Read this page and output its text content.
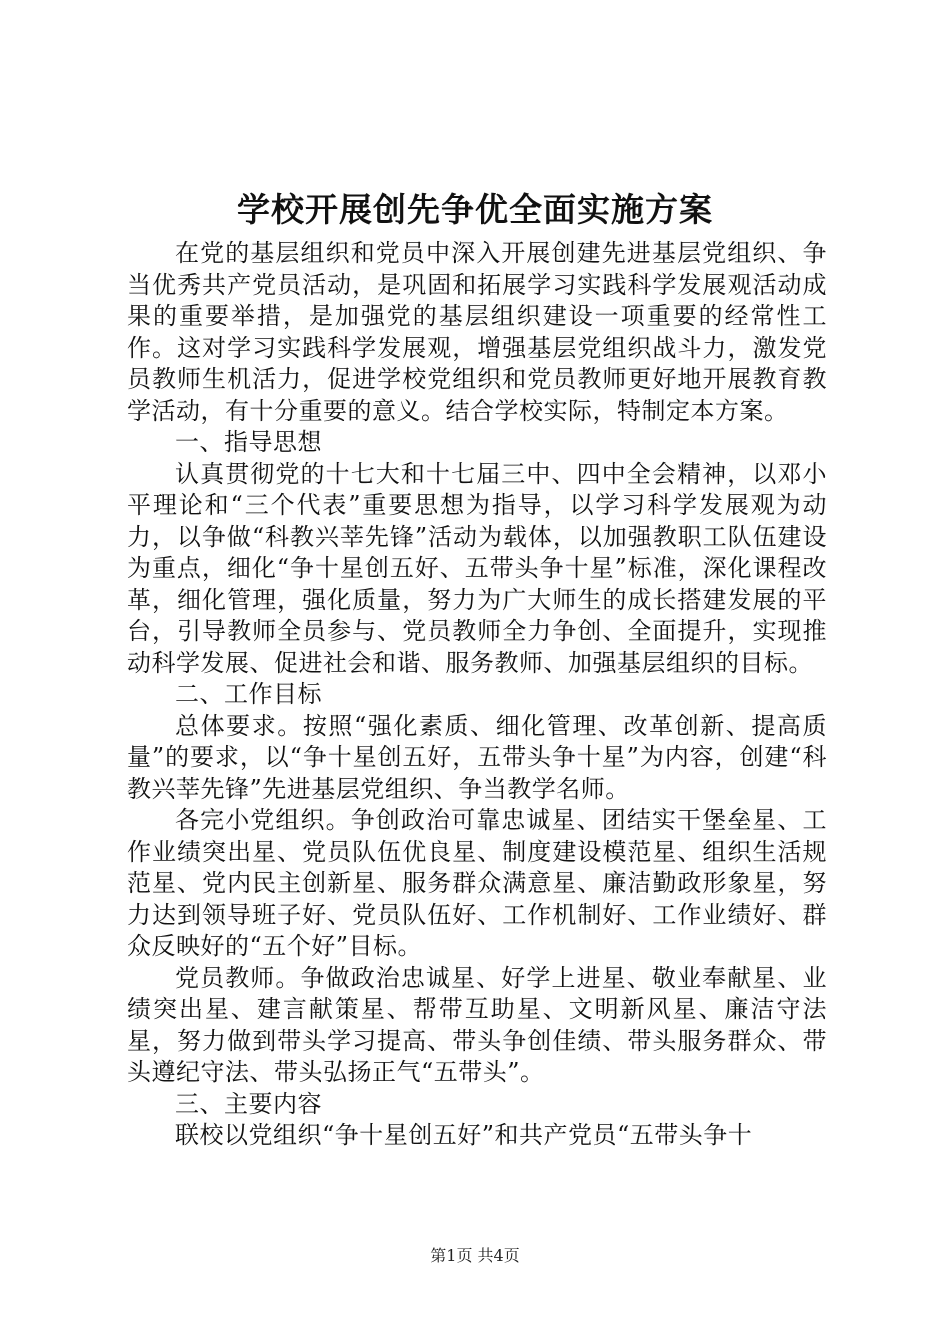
学校开展创先争优全面实施方案

在党的基层组织和党员中深入开展创建先进基层党组织、争当优秀共产党员活动，是巩固和拓展学习实践科学发展观活动成果的重要举措，是加强党的基层组织建设一项重要的经常性工作。这对学习实践科学发展观，增强基层党组织战斗力，激发党员教师生机活力，促进学校党组织和党员教师更好地开展教育教学活动，有十分重要的意义。结合学校实际，特制定本方案。

一、指导思想

认真贯彻党的十七大和十七届三中、四中全会精神，以邓小平理论和“三个代表”重要思想为指导，以学习科学发展观为动力，以争做“科教兴莘先锋”活动为载体，以加强教职工队伍建设为重点，细化“争十星创五好、五带头争十星”标准，深化课程改革，细化管理，强化质量，努力为广大师生的成长搭建发展的平台，引导教师全员参与、党员教师全力争创、全面提升，实现推动科学发展、促进社会和谐、服务教师、加强基层组织的目标。

二、工作目标

总体要求。按照“强化素质、细化管理、改革创新、提高质量”的要求，以“争十星创五好，五带头争十星”为内容，创建“科教兴莘先锋”先进基层党组织、争当教学名师。

各完小党组织。争创政治可靠忠诚星、团结实干堡垒星、工作业绩突出星、党员队伍优良星、制度建设模范星、组织生活规范星、党内民主创新星、服务群众满意星、廉洁勤政形象星，努力达到领导班子好、党员队伍好、工作机制好、工作业绩好、群众反映好的“五个好”目标。

党员教师。争做政治忠诚星、好学上进星、敬业奉献星、业绩突出星、建言献策星、帮带互助星、文明新风星、廉洁守法星，努力做到带头学习提高、带头争创佳绩、带头服务群众、带头遵纪守法、带头弘扬正气“五带头”。

三、主要内容

联校以党组织“争十星创五好”和共产党员“五带头争十

第1页 共4页
